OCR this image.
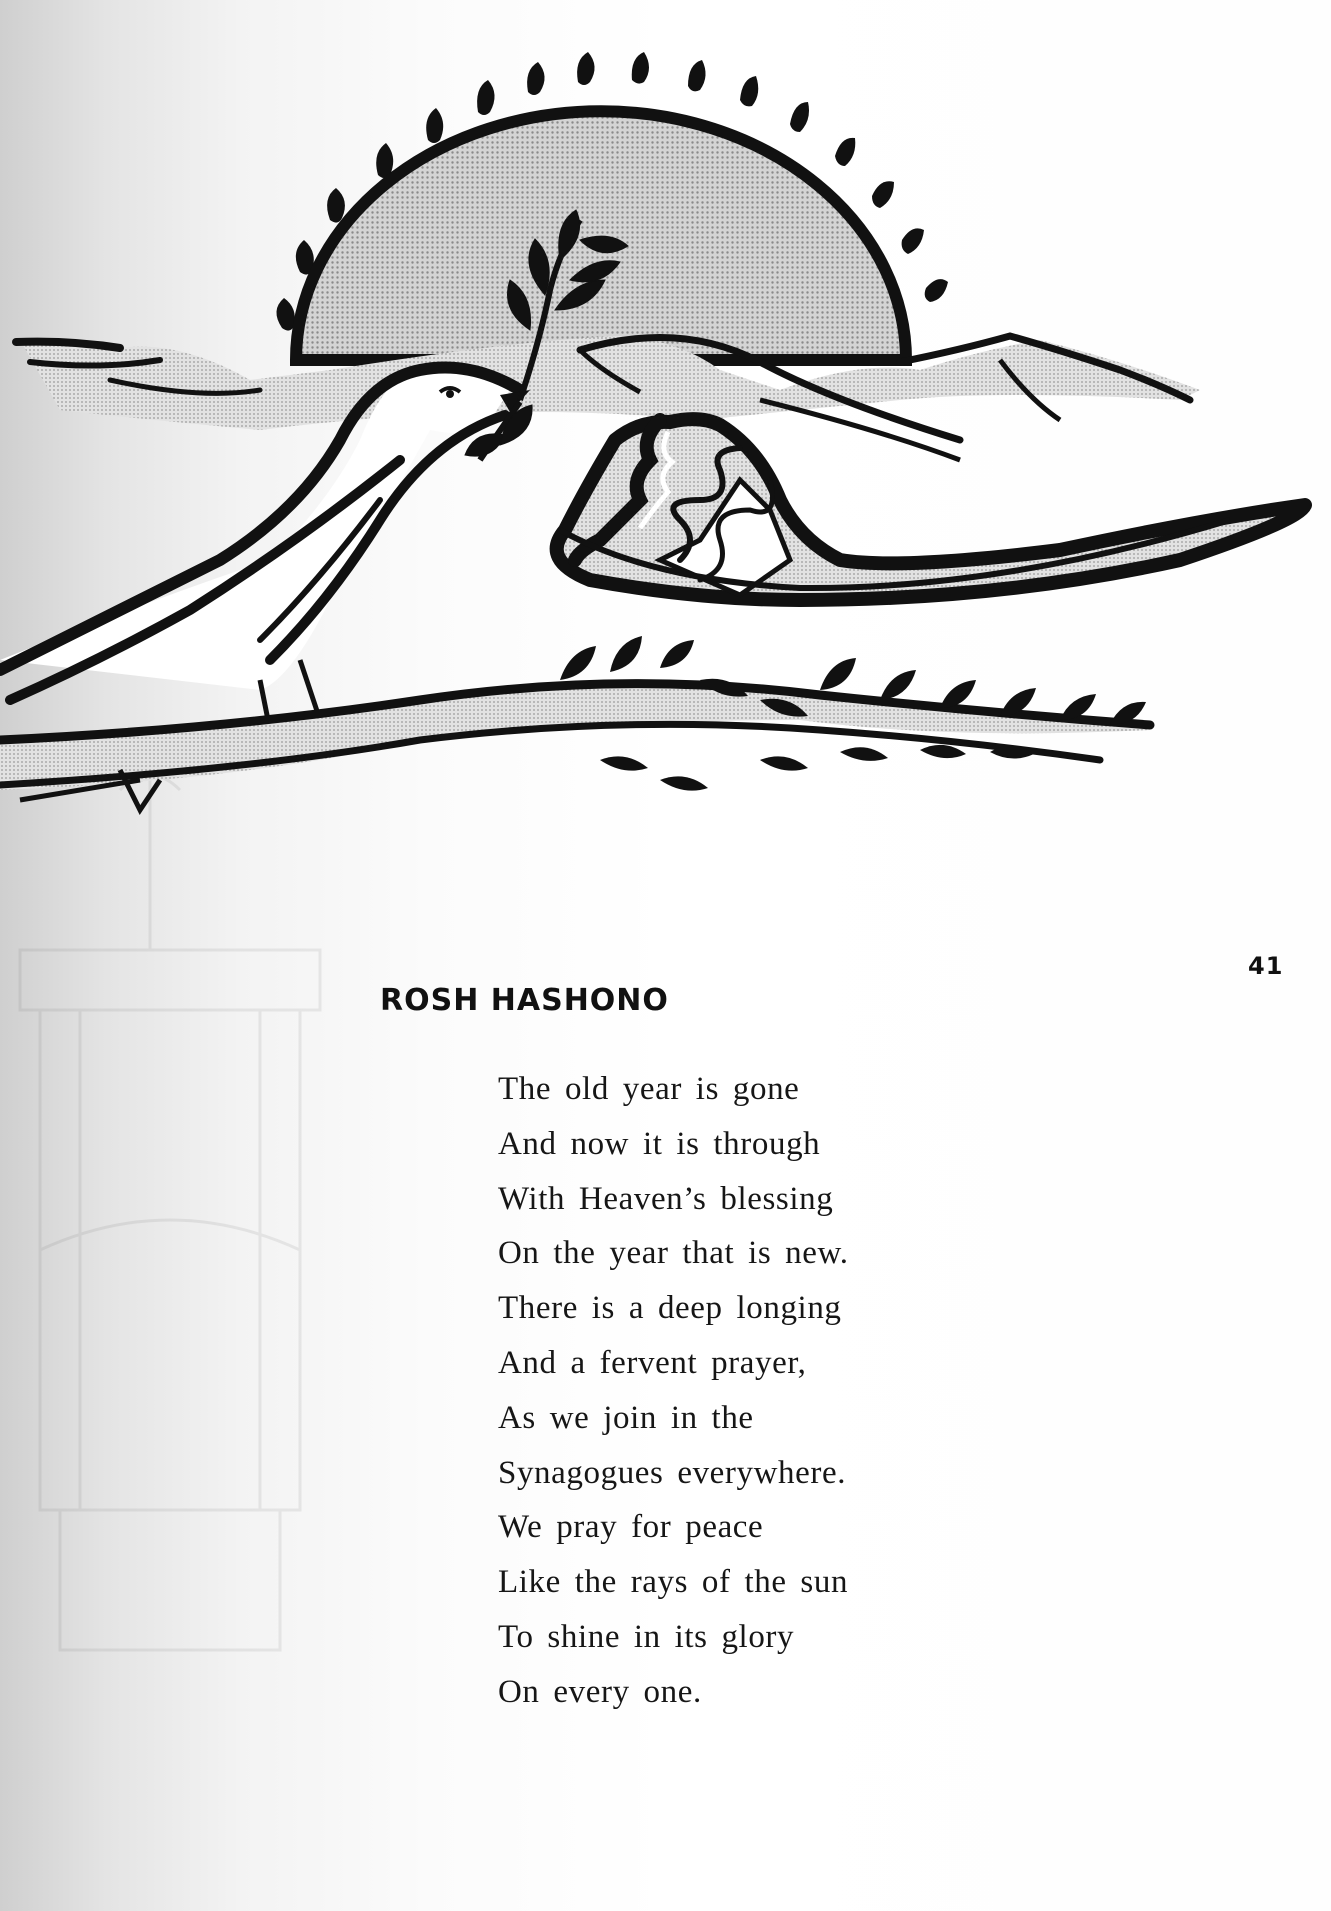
41
ROSH HASHONO
The old year is gone
And now it is through
With Heaven’s blessing
On the year that is new.
There is a deep longing
And a fervent prayer,
As we join in the
Synagogues everywhere.
We pray for peace
Like the rays of the sun
To shine in its glory
On every one.
